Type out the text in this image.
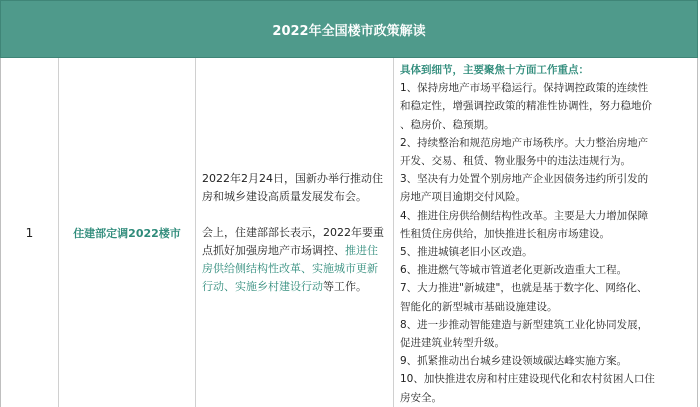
2022年全国楼市政策解读
1	住建部定调2022楼市

2022年2月24日，国新办举行推动住房和城乡建设高质量发展发布会。

会上，住建部部长表示，2022年要重点抓好加强房地产市场调控、推进住房供给侧结构性改革、实施城市更新行动、实施乡村建设行动等工作。

具体到细节，主要聚焦十方面工作重点：
1、保持房地产市场平稳运行。保持调控政策的连续性
和稳定性，增强调控政策的精准性协调性，努力稳地价
、稳房价、稳预期。
2、持续整治和规范房地产市场秩序。大力整治房地产
开发、交易、租赁、物业服务中的违法违规行为。
3、坚决有力处置个别房地产企业因债务违约所引发的
房地产项目逾期交付风险。
4、推进住房供给侧结构性改革。主要是大力增加保障
性租赁住房供给，加快推进长租房市场建设。
5、推进城镇老旧小区改造。
6、推进燃气等城市管道老化更新改造重大工程。
7、大力推进"新城建"，也就是基于数字化、网络化、
智能化的新型城市基础设施建设。
8、进一步推动智能建造与新型建筑工业化协同发展，
促进建筑业转型升级。
9、抓紧推动出台城乡建设领域碳达峰实施方案。
10、加快推进农房和村庄建设现代化和农村贫困人口住
房安全。
